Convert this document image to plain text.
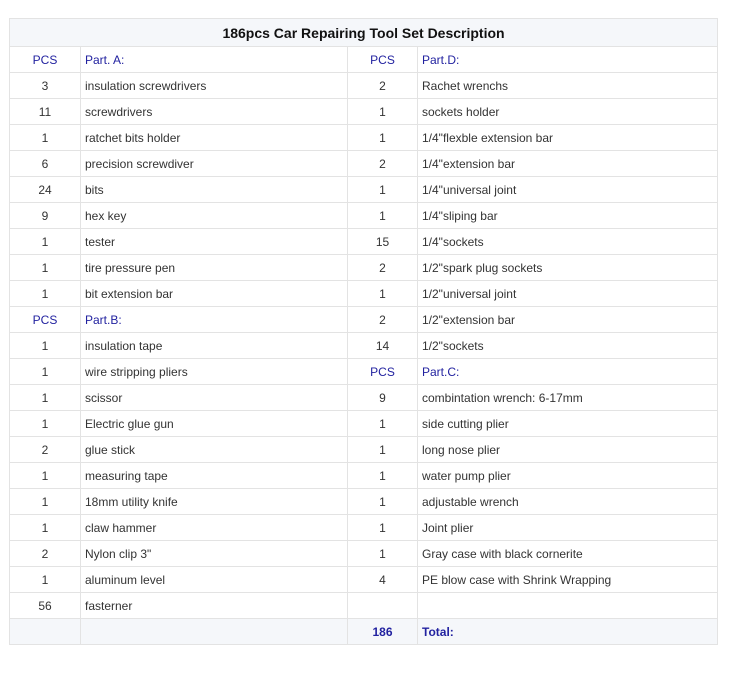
186pcs Car Repairing Tool Set Description			
PCS	Part. A:	PCS	Part.D:
3	insulation screwdrivers	2	Rachet wrenchs
11	screwdrivers	1	sockets holder
1	ratchet bits holder	1	1/4"flexble extension bar
6	precision screwdiver	2	1/4"extension bar
24	bits	1	1/4"universal joint
9	hex key	1	1/4"sliping bar
1	tester	15	1/4"sockets
1	tire pressure pen	2	1/2"spark plug sockets
1	bit extension bar	1	1/2"universal joint
PCS	Part.B:	2	1/2"extension bar
1	insulation tape	14	1/2"sockets
1	wire stripping pliers	PCS	Part.C:
1	scissor	9	combintation wrench: 6-17mm
1	Electric glue gun	1	side cutting plier
2	glue stick	1	long nose plier
1	measuring tape	1	water pump plier
1	18mm utility knife	1	adjustable wrench
1	claw hammer	1	Joint plier
2	Nylon clip 3"	1	Gray case with black cornerite
1	aluminum level	4	PE blow case with Shrink Wrapping
56	fasterner		
		186	Total:
